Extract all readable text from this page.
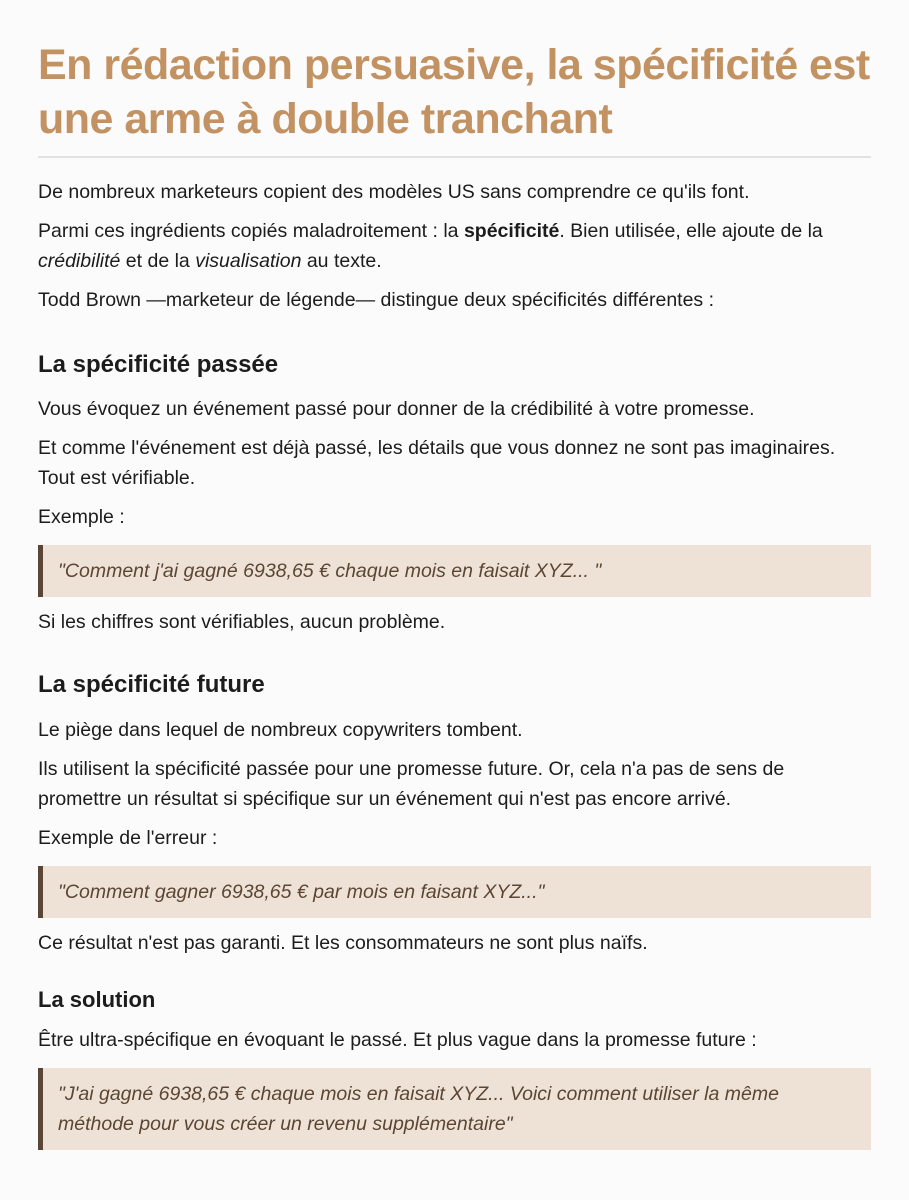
En rédaction persuasive, la spécificité est une arme à double tranchant

De nombreux marketeurs copient des modèles US sans comprendre ce qu'ils font.

Parmi ces ingrédients copiés maladroitement : la spécificité. Bien utilisée, elle ajoute de la crédibilité et de la visualisation au texte.

Todd Brown —marketeur de légende— distingue deux spécificités différentes :

La spécificité passée

Vous évoquez un événement passé pour donner de la crédibilité à votre promesse.

Et comme l'événement est déjà passé, les détails que vous donnez ne sont pas imaginaires. Tout est vérifiable.

Exemple :

"Comment j'ai gagné 6938,65 € chaque mois en faisait XYZ... "

Si les chiffres sont vérifiables, aucun problème.

La spécificité future

Le piège dans lequel de nombreux copywriters tombent.

Ils utilisent la spécificité passée pour une promesse future. Or, cela n'a pas de sens de promettre un résultat si spécifique sur un événement qui n'est pas encore arrivé.

Exemple de l'erreur :

"Comment gagner 6938,65 € par mois en faisant XYZ..."

Ce résultat n'est pas garanti. Et les consommateurs ne sont plus naïfs.

La solution

Être ultra-spécifique en évoquant le passé. Et plus vague dans la promesse future :

"J'ai gagné 6938,65 € chaque mois en faisait XYZ... Voici comment utiliser la même méthode pour vous créer un revenu supplémentaire"
